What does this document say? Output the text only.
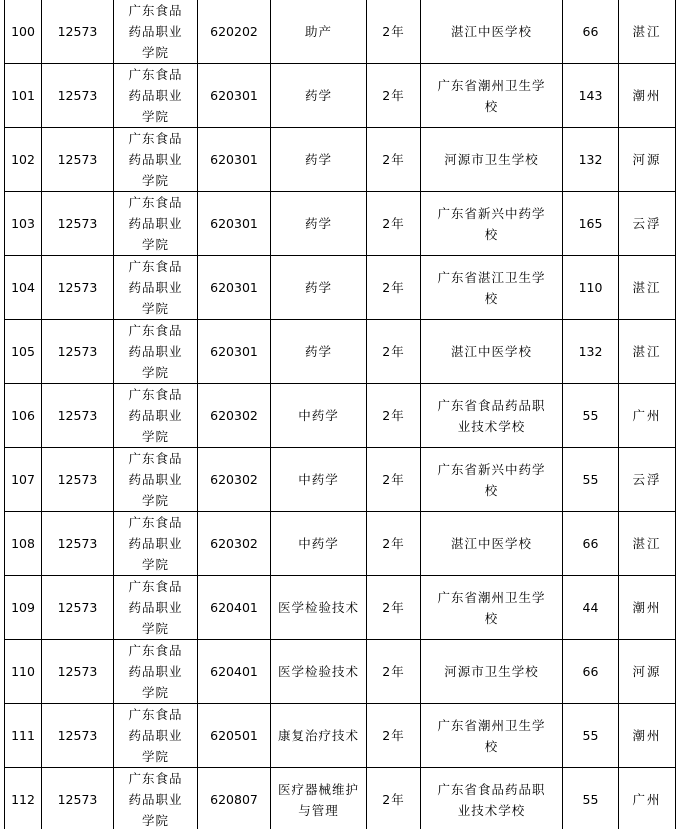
100	12573	广东食品药品职业学院	620202	助产	2年	湛江中医学校	66	湛江
101	12573	广东食品药品职业学院	620301	药学	2年	广东省潮州卫生学校	143	潮州
102	12573	广东食品药品职业学院	620301	药学	2年	河源市卫生学校	132	河源
103	12573	广东食品药品职业学院	620301	药学	2年	广东省新兴中药学校	165	云浮
104	12573	广东食品药品职业学院	620301	药学	2年	广东省湛江卫生学校	110	湛江
105	12573	广东食品药品职业学院	620301	药学	2年	湛江中医学校	132	湛江
106	12573	广东食品药品职业学院	620302	中药学	2年	广东省食品药品职业技术学校	55	广州
107	12573	广东食品药品职业学院	620302	中药学	2年	广东省新兴中药学校	55	云浮
108	12573	广东食品药品职业学院	620302	中药学	2年	湛江中医学校	66	湛江
109	12573	广东食品药品职业学院	620401	医学检验技术	2年	广东省潮州卫生学校	44	潮州
110	12573	广东食品药品职业学院	620401	医学检验技术	2年	河源市卫生学校	66	河源
111	12573	广东食品药品职业学院	620501	康复治疗技术	2年	广东省潮州卫生学校	55	潮州
112	12573	广东食品药品职业学院	620807	医疗器械维护与管理	2年	广东省食品药品职业技术学校	55	广州
